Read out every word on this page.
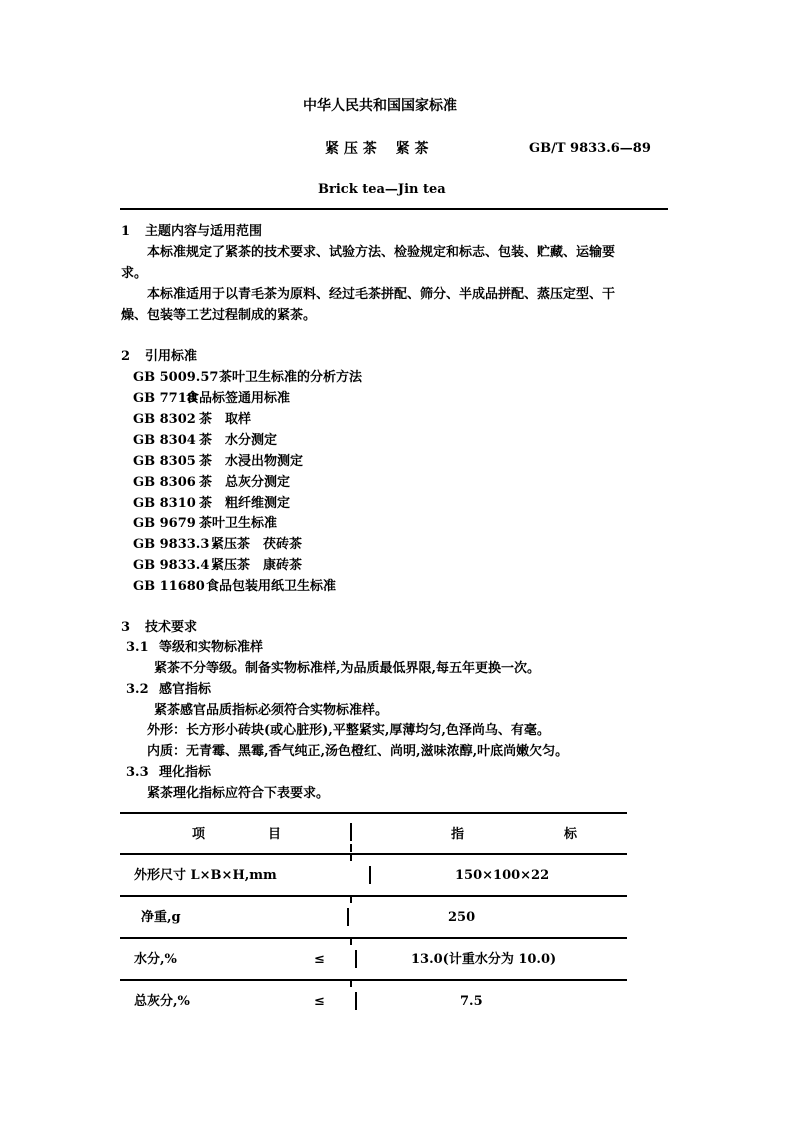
中华人民共和国国家标准
紧 压 茶　 紧 茶	GB/T 9833.6—89
Brick tea—Jin tea
1 主题内容与适用范围
本标准规定了紧茶的技术要求、试验方法、检验规定和标志、包装、贮藏、运输要
求。
本标准适用于以青毛茶为原料、经过毛茶拼配、筛分、半成品拼配、蒸压定型、干
燥、包装等工艺过程制成的紧茶。
2 引用标准
GB 5009.57茶叶卫生标准的分析方法
GB 7718食品标签通用标准
GB 8302 茶　取样
GB 8304 茶　水分测定
GB 8305 茶　水浸出物测定
GB 8306 茶　总灰分测定
GB 8310 茶　粗纤维测定
GB 9679 茶叶卫生标准
GB 9833.3 紧压茶　茯砖茶
GB 9833.4 紧压茶　康砖茶
GB 11680食品包装用纸卫生标准
3 技术要求
3.1 等级和实物标准样
紧茶不分等级。制备实物标准样,为品质最低界限,每五年更换一次。
3.2 感官指标
紧茶感官品质指标必须符合实物标准样。
外形：长方形小砖块(或心脏形),平整紧实,厚薄均匀,色泽尚乌、有毫。
内质：无青霉、黑霉,香气纯正,汤色橙红、尚明,滋味浓醇,叶底尚嫩欠匀。
3.3 理化指标
紧茶理化指标应符合下表要求。
项	目	指	标
外形尺寸 L×B×H,mm	150×100×22
净重,g	250
水分,%	≤	13.0(计重水分为 10.0)
总灰分,%	≤	7.5
